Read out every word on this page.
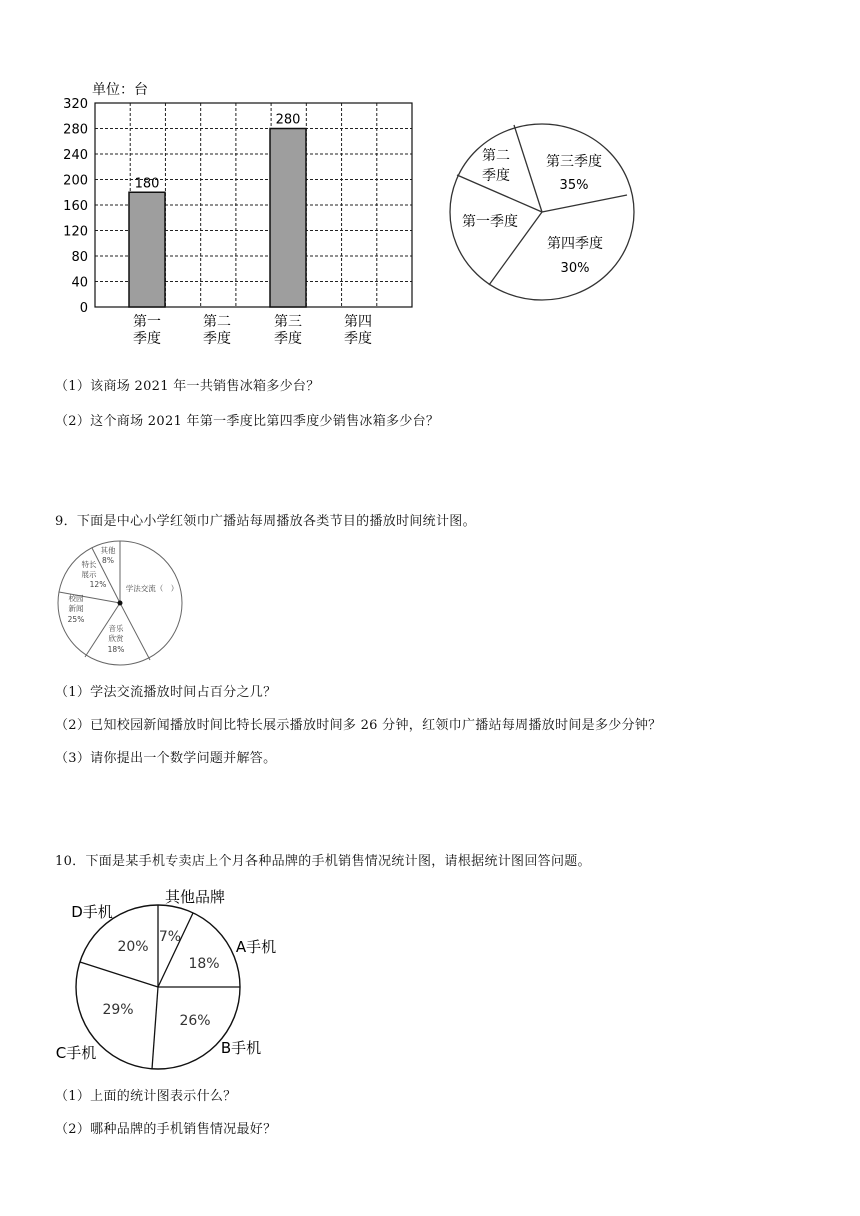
单位：台
0
40
80
120
160
200
240
280
320
180
280
第一
季度
第二
季度
第三
季度
第四
季度
第二
季度
第三季度
35%
第一季度
第四季度
30%
其他
8%
特长
展示
12%
校园
新闻
25%
音乐
欣赏
18%
学法交流（　）
其他品牌
A手机
B手机
C手机
D手机
7%
18%
26%
29%
20%
（1）该商场 2021 年一共销售冰箱多少台？
（2）这个商场 2021 年第一季度比第四季度少销售冰箱多少台？
9．下面是中心小学红领巾广播站每周播放各类节目的播放时间统计图。
（1）学法交流播放时间占百分之几？
（2）已知校园新闻播放时间比特长展示播放时间多 26 分钟，红领巾广播站每周播放时间是多少分钟？
（3）请你提出一个数学问题并解答。
10．下面是某手机专卖店上个月各种品牌的手机销售情况统计图，请根据统计图回答问题。
（1）上面的统计图表示什么？
（2）哪种品牌的手机销售情况最好？
